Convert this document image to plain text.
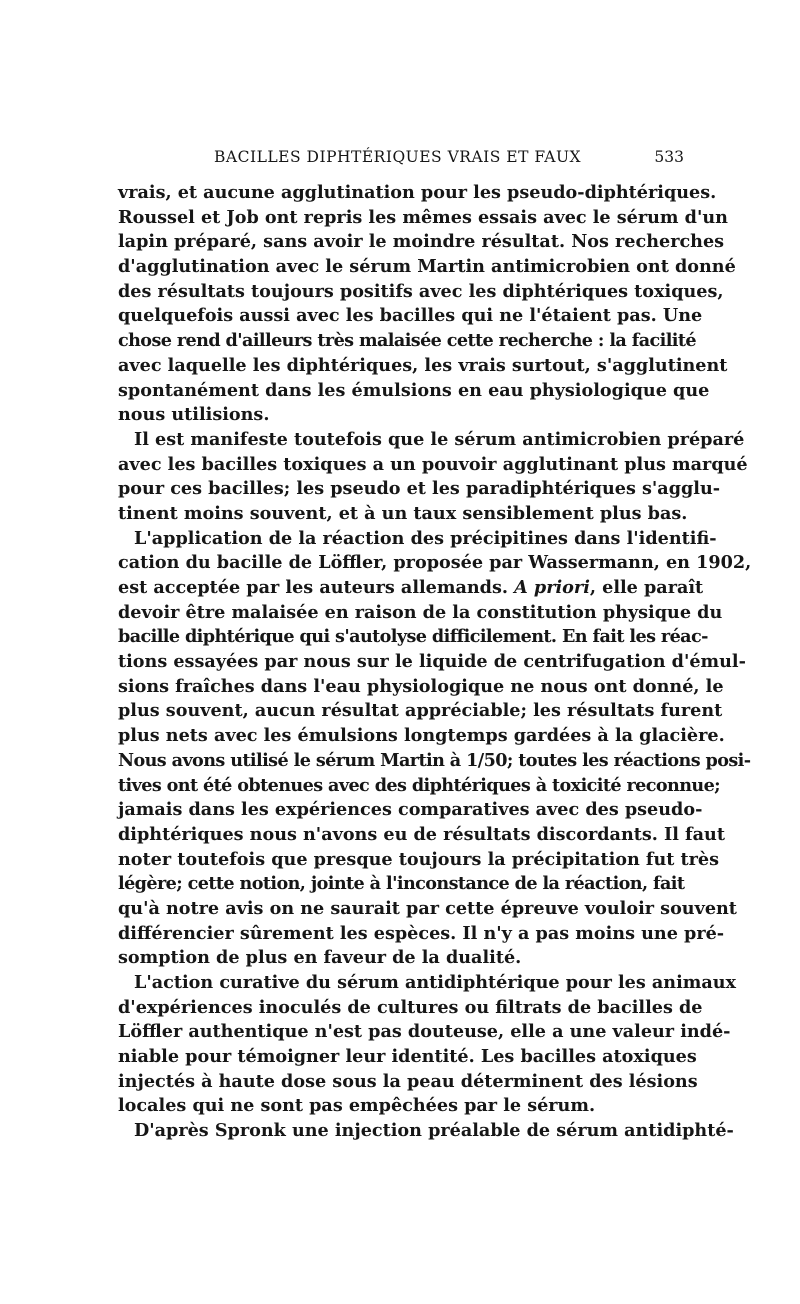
BACILLES DIPHTÉRIQUES VRAIS ET FAUX	533
vrais, et aucune agglutination pour les pseudo-diphtériques.
Roussel et Job ont repris les mêmes essais avec le sérum d'un
lapin préparé, sans avoir le moindre résultat. Nos recherches
d'agglutination avec le sérum Martin antimicrobien ont donné
des résultats toujours positifs avec les diphtériques toxiques,
quelquefois aussi avec les bacilles qui ne l'étaient pas. Une
chose rend d'ailleurs très malaisée cette recherche : la facilité
avec laquelle les diphtériques, les vrais surtout, s'agglutinent
spontanément dans les émulsions en eau physiologique que
nous utilisions.
Il est manifeste toutefois que le sérum antimicrobien préparé
avec les bacilles toxiques a un pouvoir agglutinant plus marqué
pour ces bacilles; les pseudo et les paradiphtériques s'agglu-
tinent moins souvent, et à un taux sensiblement plus bas.
L'application de la réaction des précipitines dans l'identifi-
cation du bacille de Löffler, proposée par Wassermann, en 1902,
est acceptée par les auteurs allemands. A priori, elle paraît
devoir être malaisée en raison de la constitution physique du
bacille diphtérique qui s'autolyse difficilement. En fait les réac-
tions essayées par nous sur le liquide de centrifugation d'émul-
sions fraîches dans l'eau physiologique ne nous ont donné, le
plus souvent, aucun résultat appréciable; les résultats furent
plus nets avec les émulsions longtemps gardées à la glacière.
Nous avons utilisé le sérum Martin à 1/50; toutes les réactions posi-
tives ont été obtenues avec des diphtériques à toxicité reconnue;
jamais dans les expériences comparatives avec des pseudo-
diphtériques nous n'avons eu de résultats discordants. Il faut
noter toutefois que presque toujours la précipitation fut très
légère; cette notion, jointe à l'inconstance de la réaction, fait
qu'à notre avis on ne saurait par cette épreuve vouloir souvent
différencier sûrement les espèces. Il n'y a pas moins une pré-
somption de plus en faveur de la dualité.
L'action curative du sérum antidiphtérique pour les animaux
d'expériences inoculés de cultures ou filtrats de bacilles de
Löffler authentique n'est pas douteuse, elle a une valeur indé-
niable pour témoigner leur identité. Les bacilles atoxiques
injectés à haute dose sous la peau déterminent des lésions
locales qui ne sont pas empêchées par le sérum.
D'après Spronk une injection préalable de sérum antidiphté-
